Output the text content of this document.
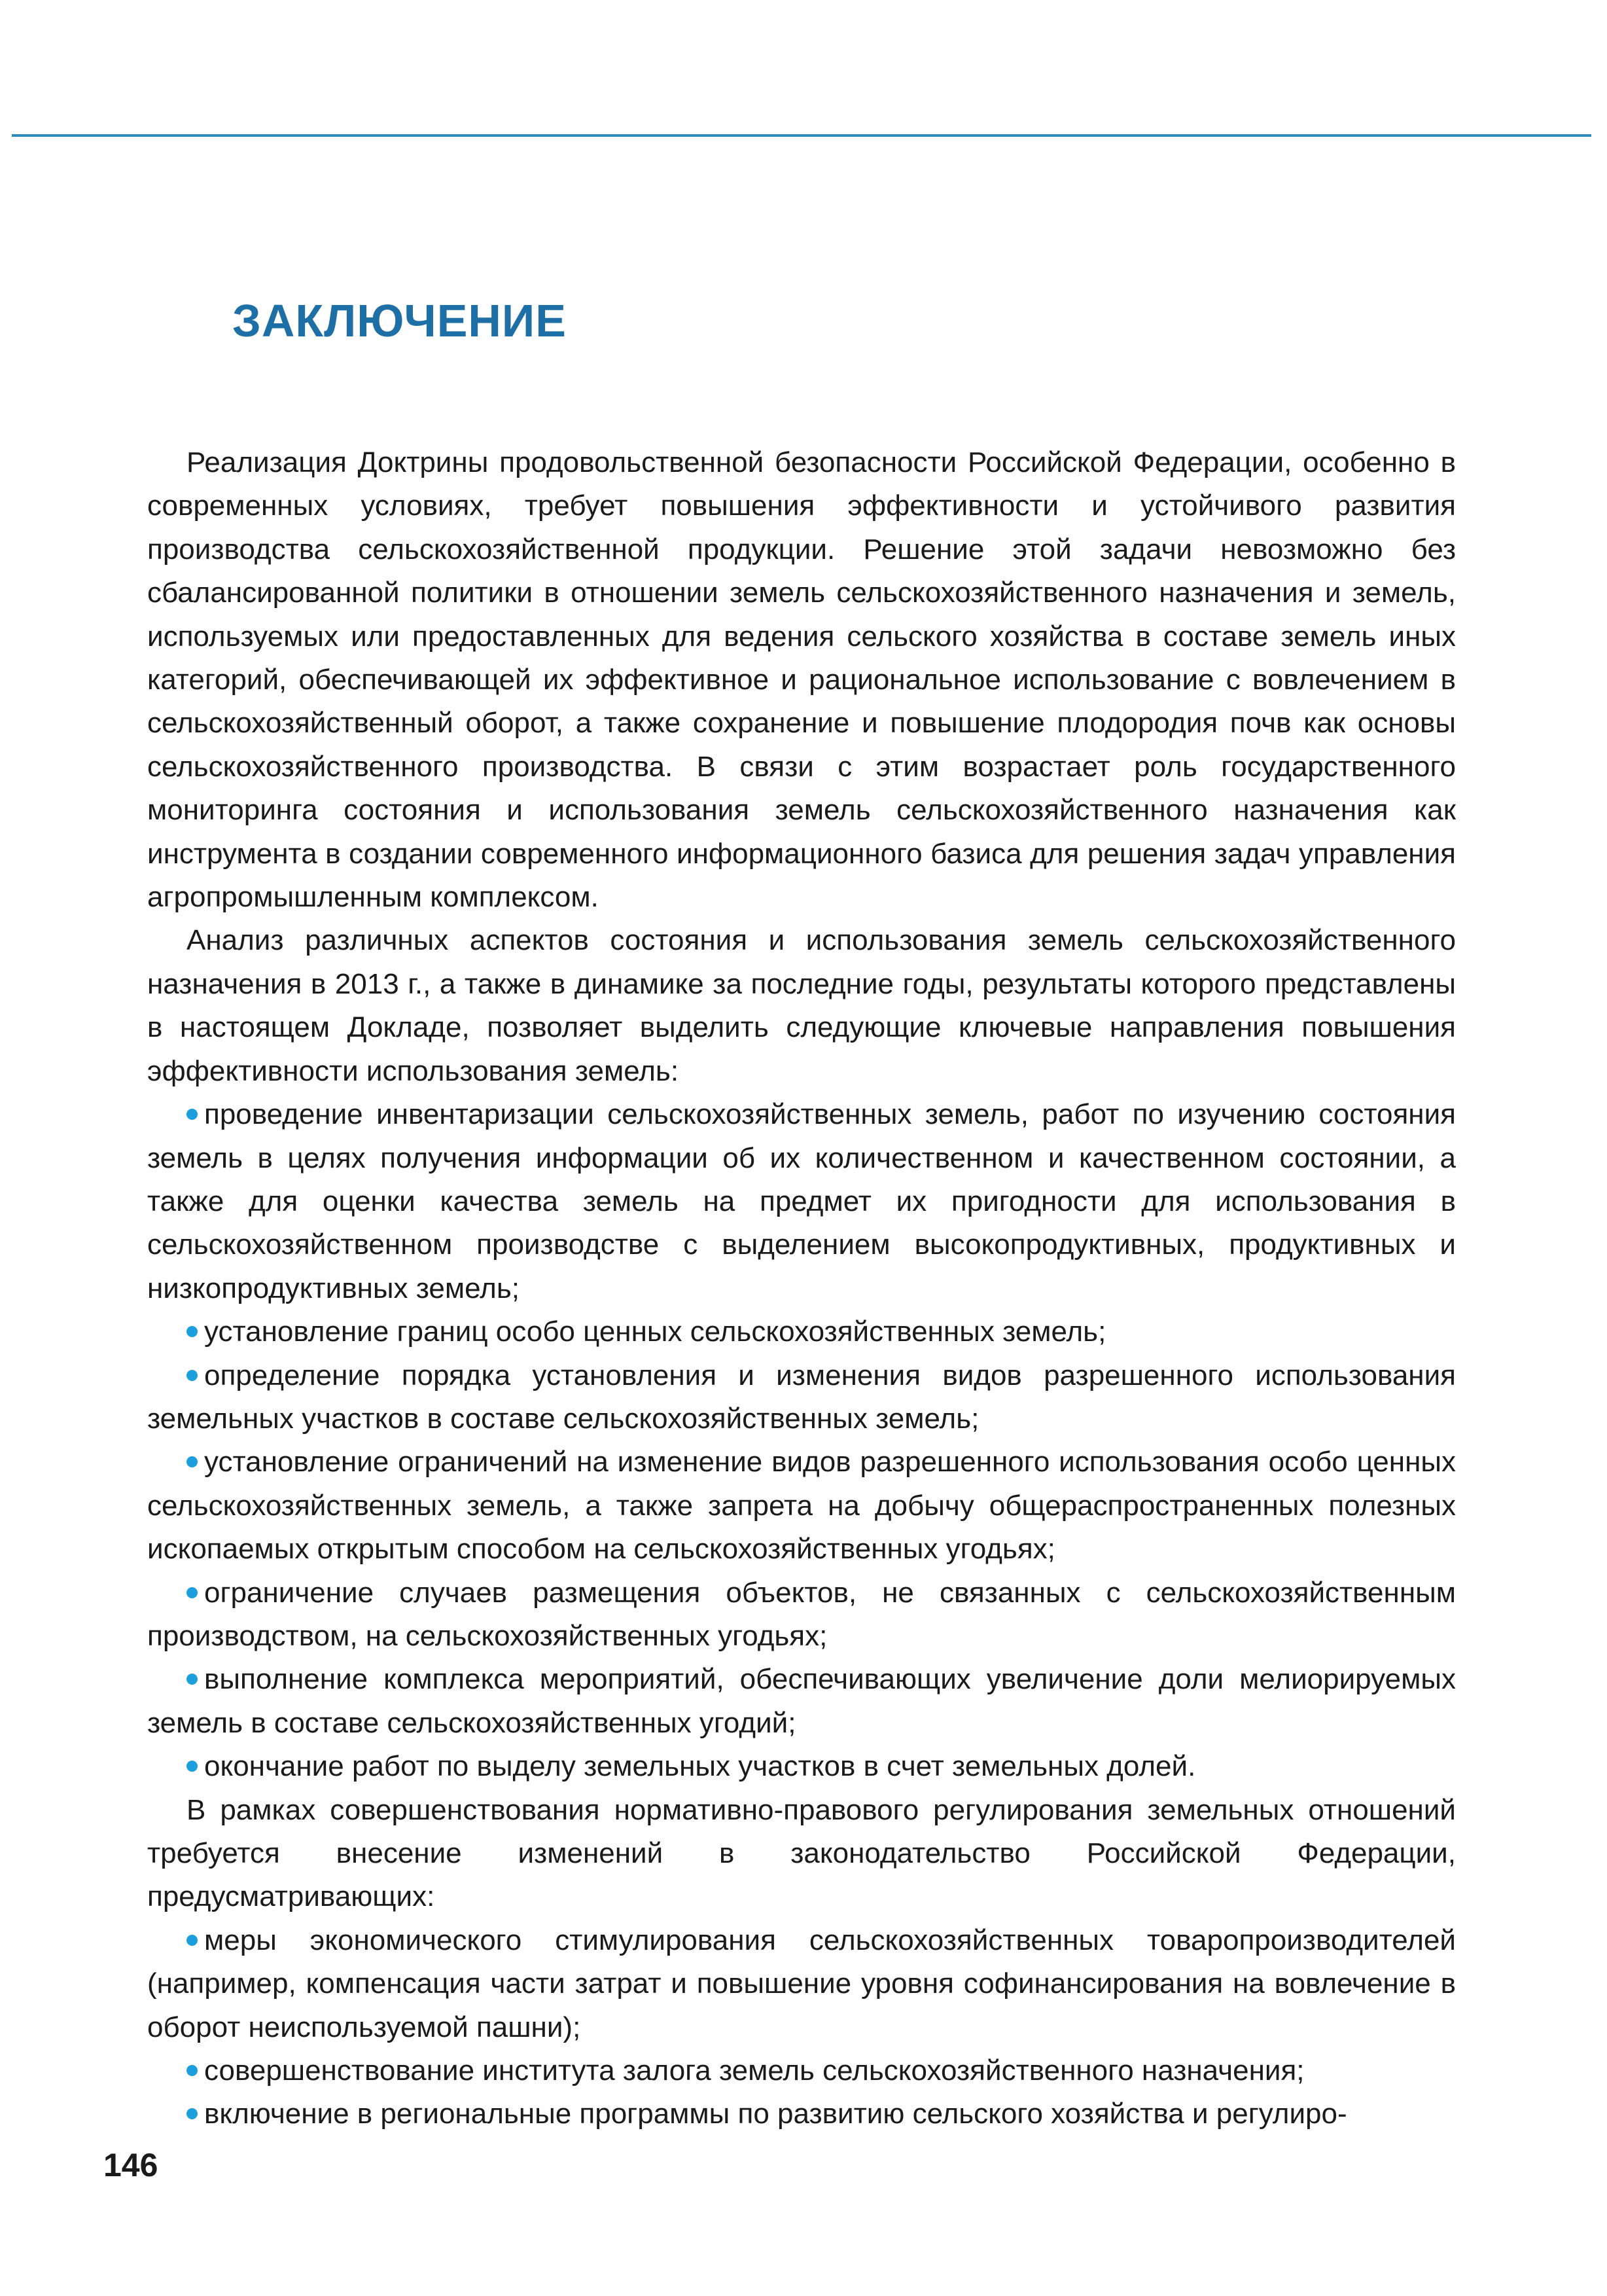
ЗАКЛЮЧЕНИЕ

Реализация Доктрины продовольственной безопасности Российской Федерации, особенно в современных условиях, требует повышения эффективности и устойчивого развития производства сельскохозяйственной продукции. Решение этой задачи невозможно без сбалансированной политики в отношении земель сельскохозяйственного назначения и земель, используемых или предоставленных для ведения сельского хозяйства в составе земель иных категорий, обеспечивающей их эффективное и рациональное использование с вовлечением в сельскохозяйственный оборот, а также сохранение и повышение плодородия почв как основы сельскохозяйственного производства. В связи с этим возрастает роль государственного мониторинга состояния и использования земель сельскохозяйственного назначения как инструмента в создании современного информационного базиса для решения задач управления агропромышленным комплексом.

Анализ различных аспектов состояния и использования земель сельскохозяйственного назначения в 2013 г., а также в динамике за последние годы, результаты которого представлены в настоящем Докладе, позволяет выделить следующие ключевые направления повышения эффективности использования земель:

проведение инвентаризации сельскохозяйственных земель, работ по изучению состояния земель в целях получения информации об их количественном и качественном состоянии, а также для оценки качества земель на предмет их пригодности для использования в сельскохозяйственном производстве с выделением высокопродуктивных, продуктивных и низкопродуктивных земель;

установление границ особо ценных сельскохозяйственных земель;

определение порядка установления и изменения видов разрешенного использования земельных участков в составе сельскохозяйственных земель;

установление ограничений на изменение видов разрешенного использования особо ценных сельскохозяйственных земель, а также запрета на добычу общераспространенных полезных ископаемых открытым способом на сельскохозяйственных угодьях;

ограничение случаев размещения объектов, не связанных с сельскохозяйственным производством, на сельскохозяйственных угодьях;

выполнение комплекса мероприятий, обеспечивающих увеличение доли мелиорируемых земель в составе сельскохозяйственных угодий;

окончание работ по выделу земельных участков в счет земельных долей.

В рамках совершенствования нормативно-правового регулирования земельных отношений требуется внесение изменений в законодательство Российской Федерации, предусматривающих:

меры экономического стимулирования сельскохозяйственных товаропроизводителей (например, компенсация части затрат и повышение уровня софинансирования на вовлечение в оборот неиспользуемой пашни);

совершенствование института залога земель сельскохозяйственного назначения;

включение в региональные программы по развитию сельского хозяйства и регулиро-

146
